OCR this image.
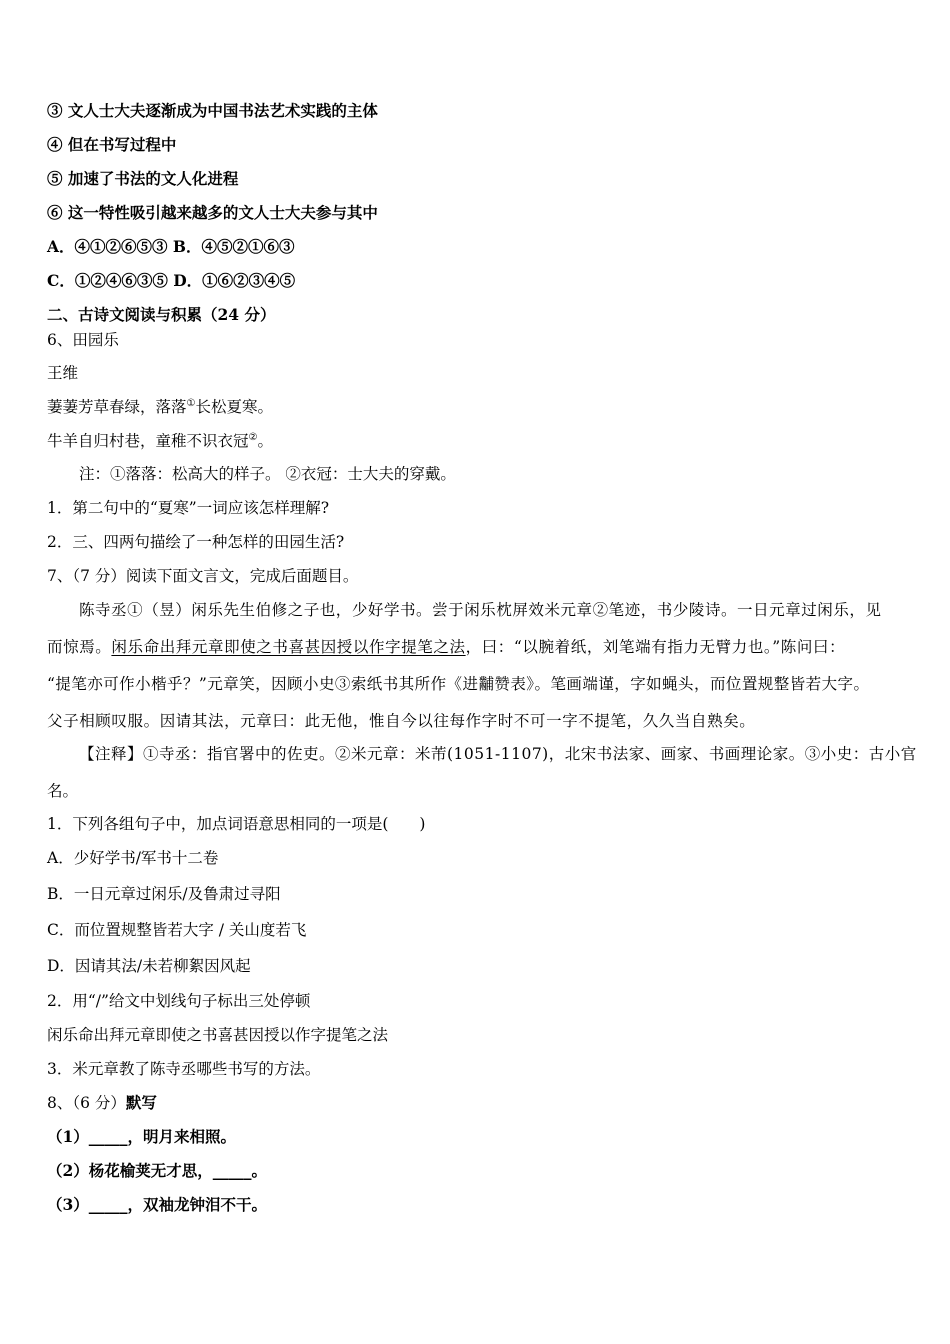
③ 文人士大夫逐渐成为中国书法艺术实践的主体
④ 但在书写过程中
⑤ 加速了书法的文人化进程
⑥ 这一特性吸引越来越多的文人士大夫参与其中
A．④①②⑥⑤③ B．④⑤②①⑥③
C．①②④⑥③⑤ D．①⑥②③④⑤
二、古诗文阅读与积累（24 分）
6、田园乐
王维
萋萋芳草春绿，落落①长松夏寒。
牛羊自归村巷，童稚不识衣冠②。
注：①落落：松高大的样子。 ②衣冠：士大夫的穿戴。
1．第二句中的“夏寒”一词应该怎样理解?
2．三、四两句描绘了一种怎样的田园生活?
7、（7 分）阅读下面文言文，完成后面题目。
陈寺丞①（昱）闲乐先生伯修之子也，少好学书。尝于闲乐枕屏效米元章②笔迹，书少陵诗。一日元章过闲乐，见
而惊焉。闲乐命出拜元章即使之书喜甚因授以作字提笔之法，曰：“以腕着纸，刘笔端有指力无臂力也。”陈问曰：
“提笔亦可作小楷乎？”元章笑，因顾小史③索纸书其所作《进黼赞表》。笔画端谨，字如蝇头，而位置规整皆若大字。
父子相顾叹服。因请其法，元章曰：此无他，惟自今以往每作字时不可一字不提笔，久久当自熟矣。
【注释】①寺丞：指官署中的佐吏。②米元章：米芾(1051-1107)，北宋书法家、画家、书画理论家。③小史：古小官
名。
1．下列各组句子中，加点词语意思相同的一项是(　　)
A．少好学书/军书十二卷
B．一日元章过闲乐/及鲁肃过寻阳
C．而位置规整皆若大字 / 关山度若飞
D．因请其法/未若柳絮因风起
2．用“/”给文中划线句子标出三处停顿
闲乐命出拜元章即使之书喜甚因授以作字提笔之法
3．米元章教了陈寺丞哪些书写的方法。
8、（6 分）默写
（1）_____，明月来相照。
（2）杨花榆荚无才思，_____。
（3）_____，双袖龙钟泪不干。
